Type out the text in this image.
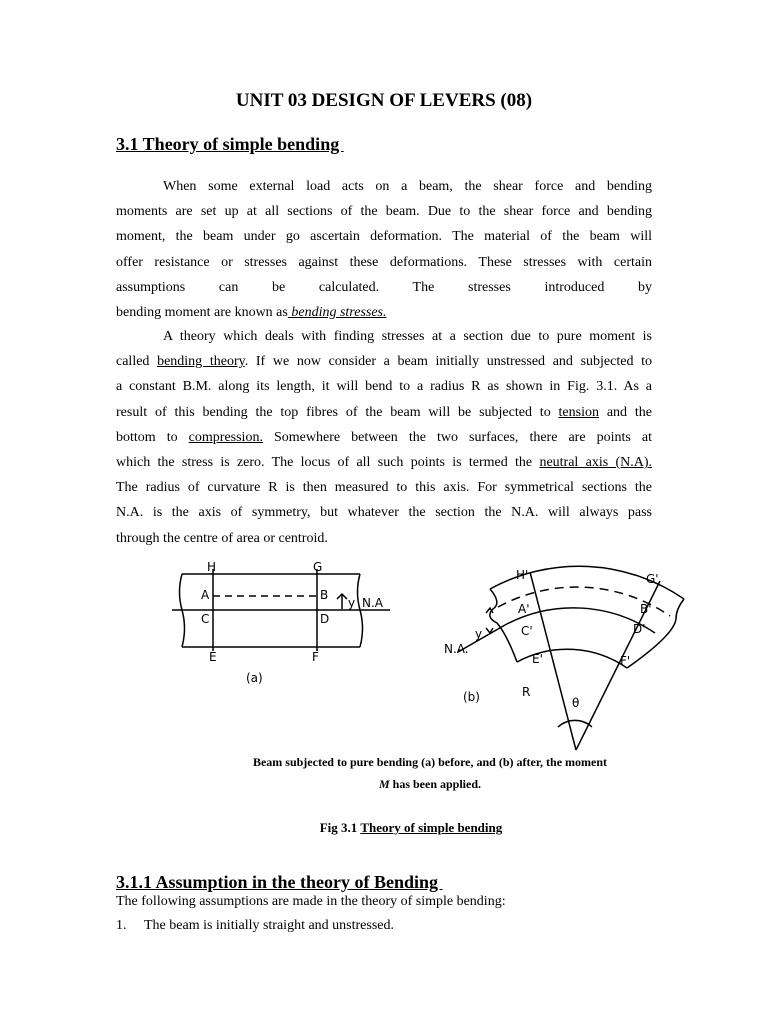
UNIT 03 DESIGN OF LEVERS (08)
3.1 Theory of simple bending
When some external load acts on a beam, the shear force and bending
moments are set up at all sections of the beam. Due to the shear force and bending
moment, the beam under go ascertain deformation. The material of the beam will
offer resistance or stresses against these deformations. These stresses with certain
assumptions can be calculated. The stresses introduced by
bending moment are known as bending stresses.
A theory which deals with finding stresses at a section due to pure moment is
called bending theory. If we now consider a beam initially unstressed and subjected to
a constant B.M. along its length, it will bend to a radius R as shown in Fig. 3.1. As a
result of this bending the top fibres of the beam will be subjected to tension and the
bottom to compression. Somewhere between the two surfaces, there are points at
which the stress is zero. The locus of all such points is termed the neutral axis (N.A).
The radius of curvature R is then measured to this axis. For symmetrical sections the
N.A. is the axis of symmetry, but whatever the section the N.A. will always pass
through the centre of area or centroid.
H	G
A	B
C	D
E	F
y N.A
(a)
H'	G'
A'	B'
C'	D'
E'	F'
N.A.
y
R
θ
(b)

Beam subjected to pure bending (a) before, and (b) after, the moment

M has been applied.

Fig 3.1 Theory of simple bending

3.1.1 Assumption in the theory of Bending

The following assumptions are made in the theory of simple bending:

1. The beam is initially straight and unstressed.
